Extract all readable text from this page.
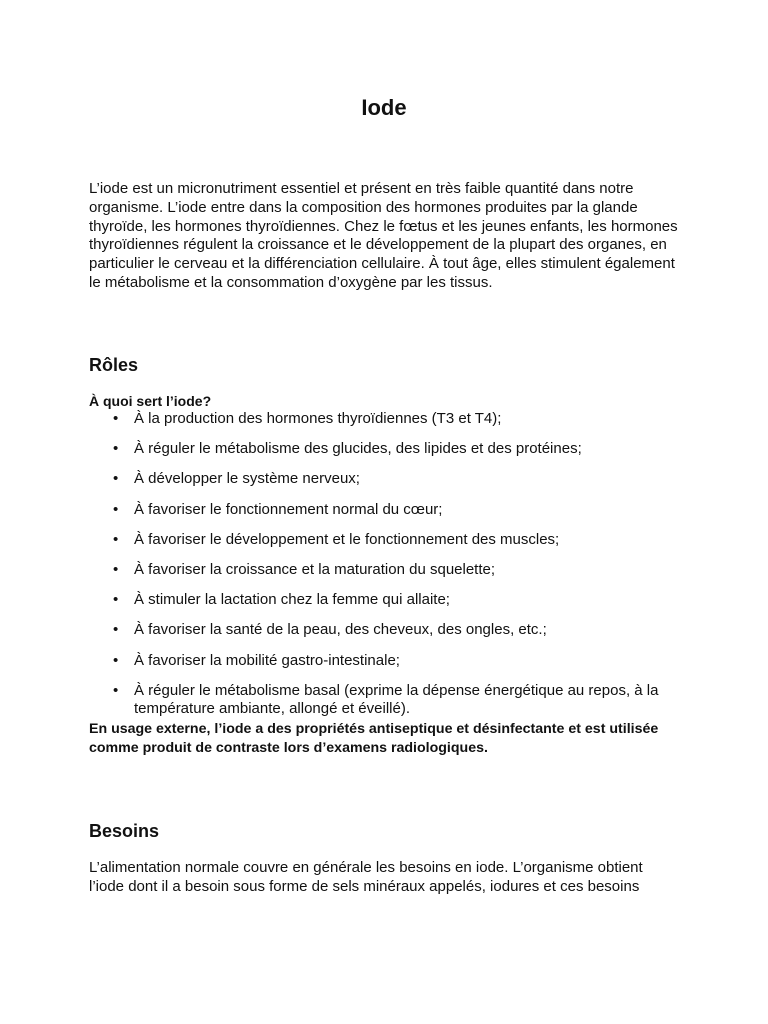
Iode

L’iode est un micronutriment essentiel et présent en très faible quantité dans notre organisme. L’iode entre dans la composition des hormones produites par la glande thyroïde, les hormones thyroïdiennes. Chez le fœtus et les jeunes enfants, les hormones thyroïdiennes régulent la croissance et le développement de la plupart des organes, en particulier le cerveau et la différenciation cellulaire. À tout âge, elles stimulent également le métabolisme et la consommation d’oxygène par les tissus.

Rôles

À quoi sert l’iode?

• À la production des hormones thyroïdiennes (T3 et T4);
• À réguler le métabolisme des glucides, des lipides et des protéines;
• À développer le système nerveux;
• À favoriser le fonctionnement normal du cœur;
• À favoriser le développement et le fonctionnement des muscles;
• À favoriser la croissance et la maturation du squelette;
• À stimuler la lactation chez la femme qui allaite;
• À favoriser la santé de la peau, des cheveux, des ongles, etc.;
• À favoriser la mobilité gastro-intestinale;
• À réguler le métabolisme basal (exprime la dépense énergétique au repos, à la température ambiante, allongé et éveillé).

En usage externe, l’iode a des propriétés antiseptique et désinfectante et est utilisée comme produit de contraste lors d’examens radiologiques.

Besoins

L’alimentation normale couvre en générale les besoins en iode. L’organisme obtient l’iode dont il a besoin sous forme de sels minéraux appelés, iodures et ces besoins
